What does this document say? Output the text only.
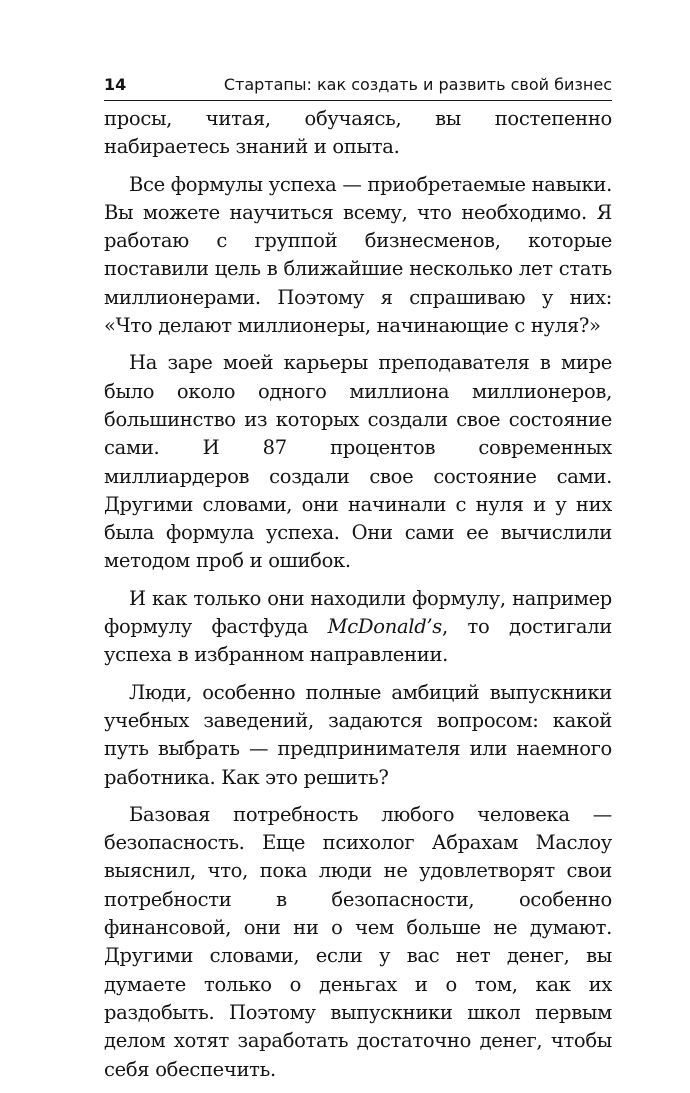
14	Стартапы: как создать и развить свой бизнес

просы, читая, обучаясь, вы постепенно набираетесь знаний и опыта.

Все формулы успеха — приобретаемые навыки. Вы можете научиться всему, что необходимо. Я работаю с группой бизнесменов, которые поставили цель в ближайшие несколько лет стать миллионерами. Поэтому я спрашиваю у них: «Что делают миллионеры, начинающие с нуля?»

На заре моей карьеры преподавателя в мире было около одного миллиона миллионеров, большинство из которых создали свое состояние сами. И 87 процентов современных миллиардеров создали свое состояние сами. Другими словами, они начинали с нуля и у них была формула успеха. Они сами ее вычислили методом проб и ошибок.

И как только они находили формулу, например формулу фастфуда McDonald’s, то достигали успеха в избранном направлении.

Люди, особенно полные амбиций выпускники учебных заведений, задаются вопросом: какой путь выбрать — предпринимателя или наемного работника. Как это решить?

Базовая потребность любого человека — безопасность. Еще психолог Абрахам Маслоу выяснил, что, пока люди не удовлетворят свои потребности в безопасности, особенно финансовой, они ни о чем больше не думают. Другими словами, если у вас нет денег, вы думаете только о деньгах и о том, как их раздобыть. Поэтому выпускники школ первым делом хотят заработать достаточно денег, чтобы себя обеспечить.
